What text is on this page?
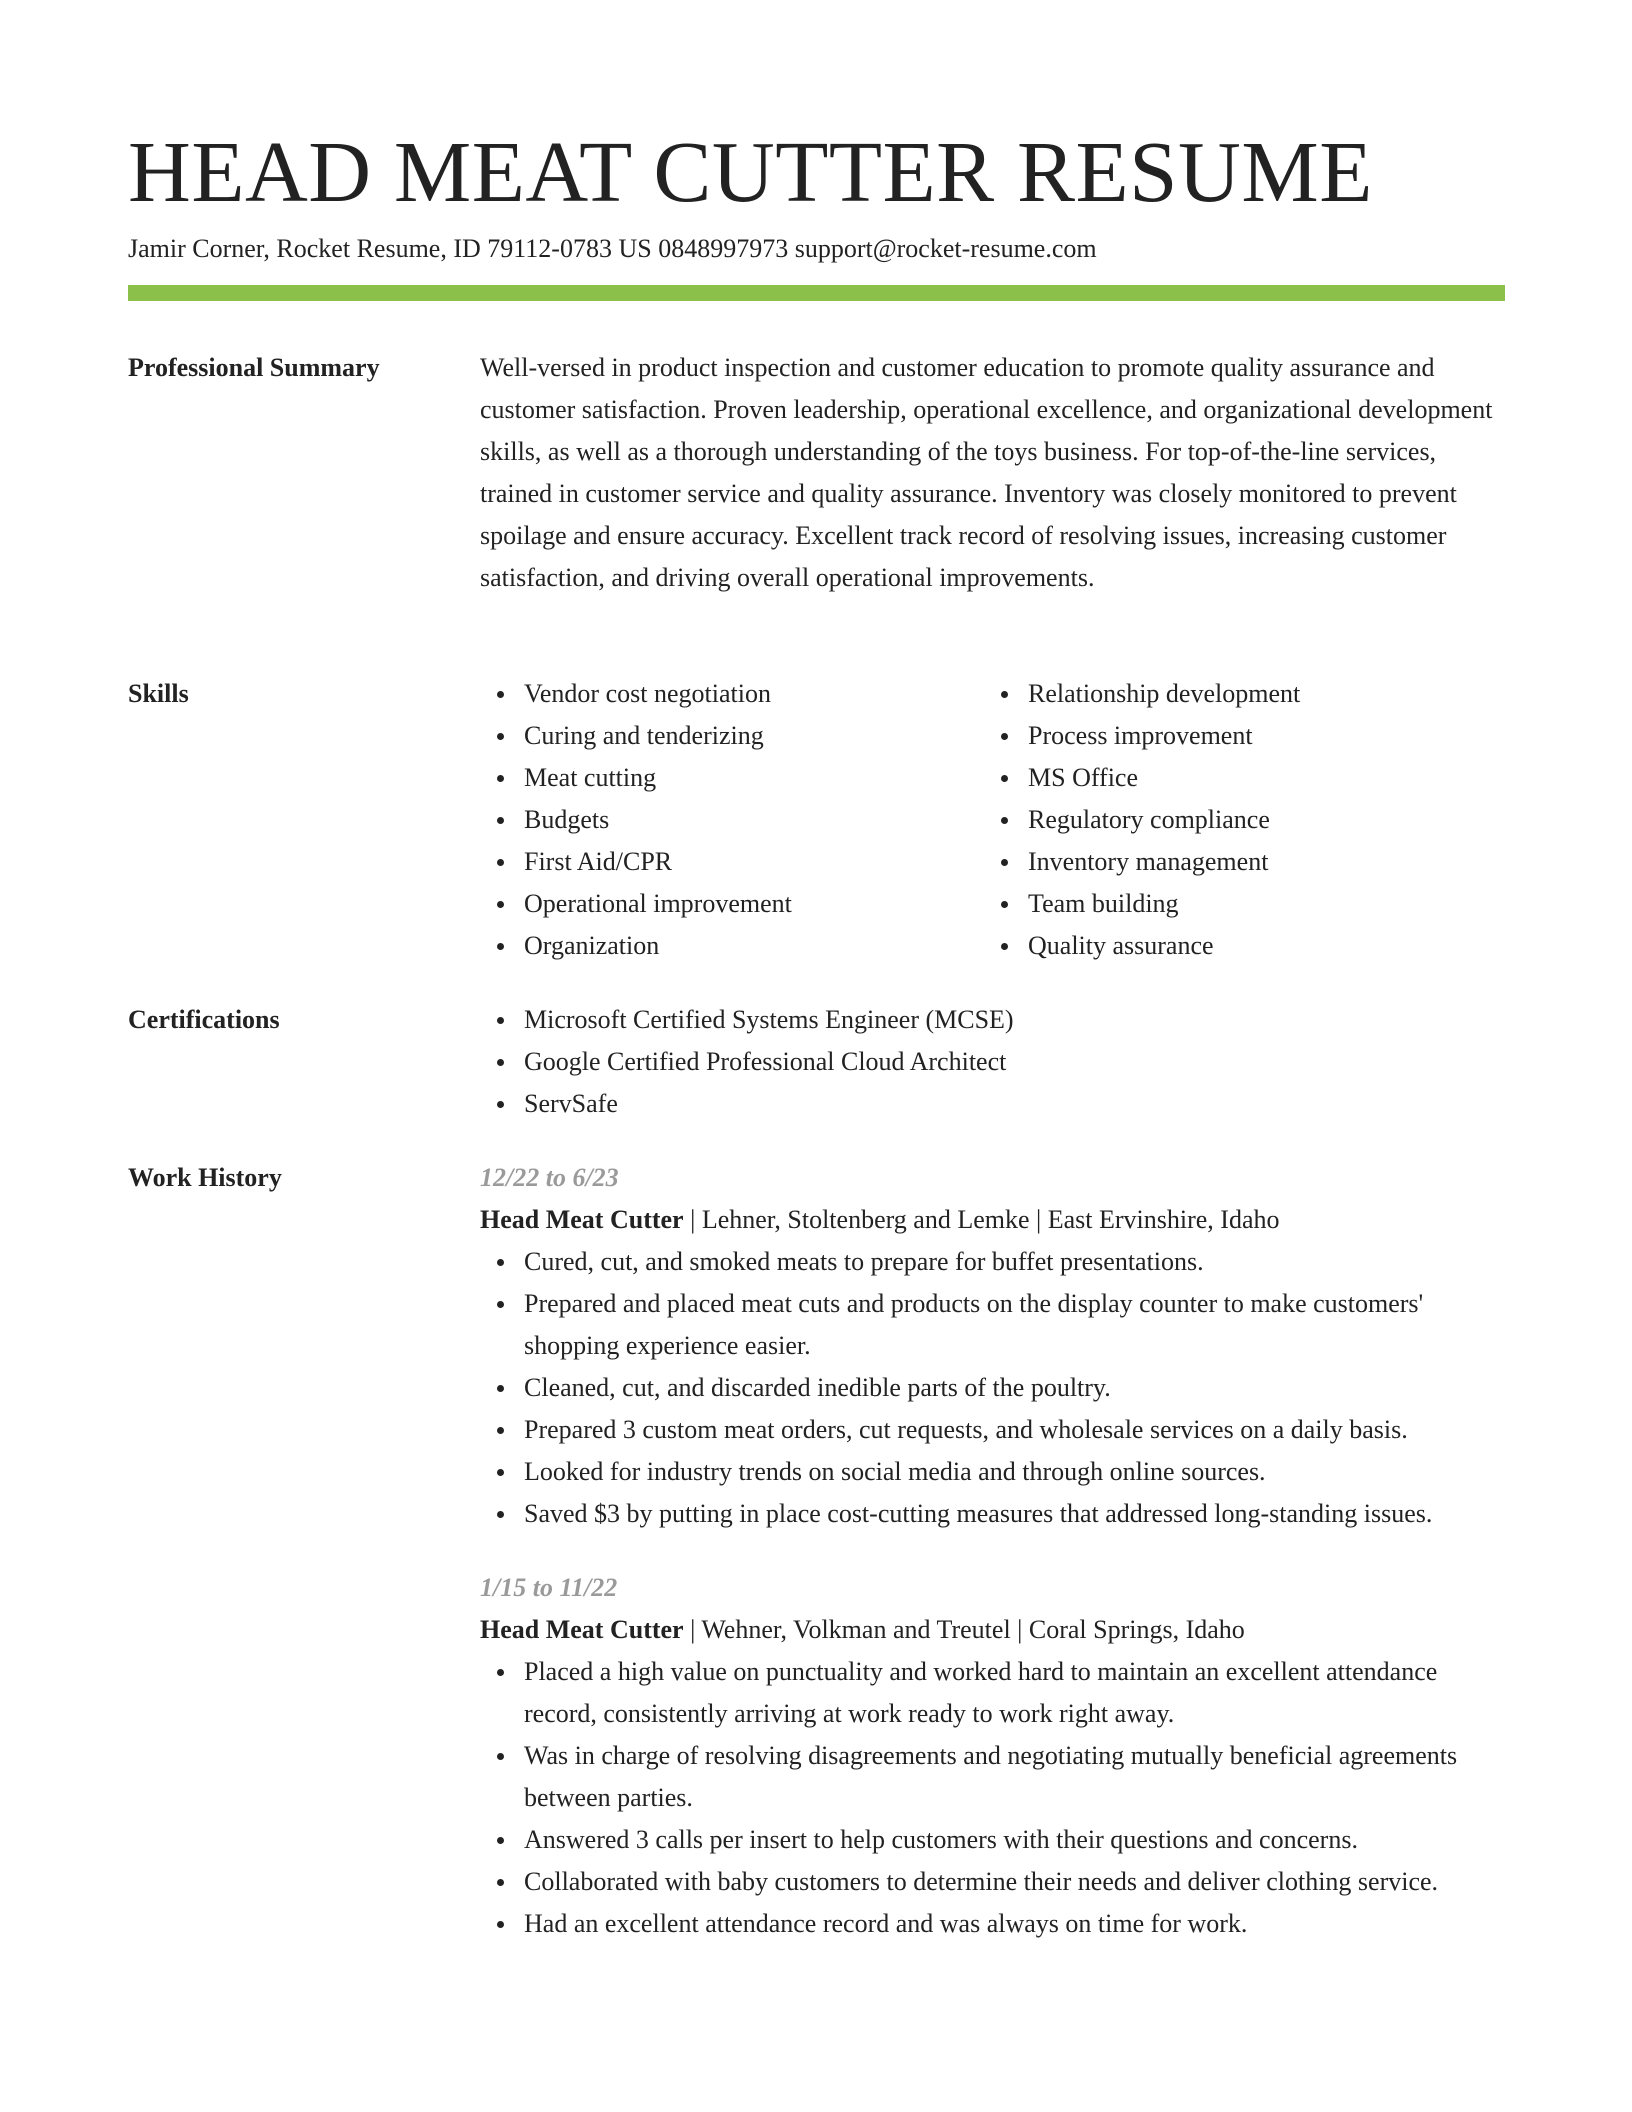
HEAD MEAT CUTTER RESUME
Jamir Corner, Rocket Resume, ID 79112-0783 US 0848997973 support@rocket-resume.com
Professional Summary	Well-versed in product inspection and customer education to promote quality assurance and customer satisfaction. Proven leadership, operational excellence, and organizational development skills, as well as a thorough understanding of the toys business. For top-of-the-line services, trained in customer service and quality assurance. Inventory was closely monitored to prevent spoilage and ensure accuracy. Excellent track record of resolving issues, increasing customer satisfaction, and driving overall operational improvements.

Skills	Vendor cost negotiation
Curing and tenderizing
Meat cutting
Budgets
First Aid/CPR
Operational improvement
Organization
Relationship development
Process improvement
MS Office
Regulatory compliance
Inventory management
Team building
Quality assurance
Certifications	Microsoft Certified Systems Engineer (MCSE)
Google Certified Professional Cloud Architect
ServSafe
Work History	12/22 to 6/23
Head Meat Cutter | Lehner, Stoltenberg and Lemke | East Ervinshire, Idaho
Cured, cut, and smoked meats to prepare for buffet presentations.
Prepared and placed meat cuts and products on the display counter to make customers' shopping experience easier.
Cleaned, cut, and discarded inedible parts of the poultry.
Prepared 3 custom meat orders, cut requests, and wholesale services on a daily basis.
Looked for industry trends on social media and through online sources.
Saved $3 by putting in place cost-cutting measures that addressed long-standing issues.
1/15 to 11/22
Head Meat Cutter | Wehner, Volkman and Treutel | Coral Springs, Idaho
Placed a high value on punctuality and worked hard to maintain an excellent attendance record, consistently arriving at work ready to work right away.
Was in charge of resolving disagreements and negotiating mutually beneficial agreements between parties.
Answered 3 calls per insert to help customers with their questions and concerns.
Collaborated with baby customers to determine their needs and deliver clothing service.
Had an excellent attendance record and was always on time for work.
